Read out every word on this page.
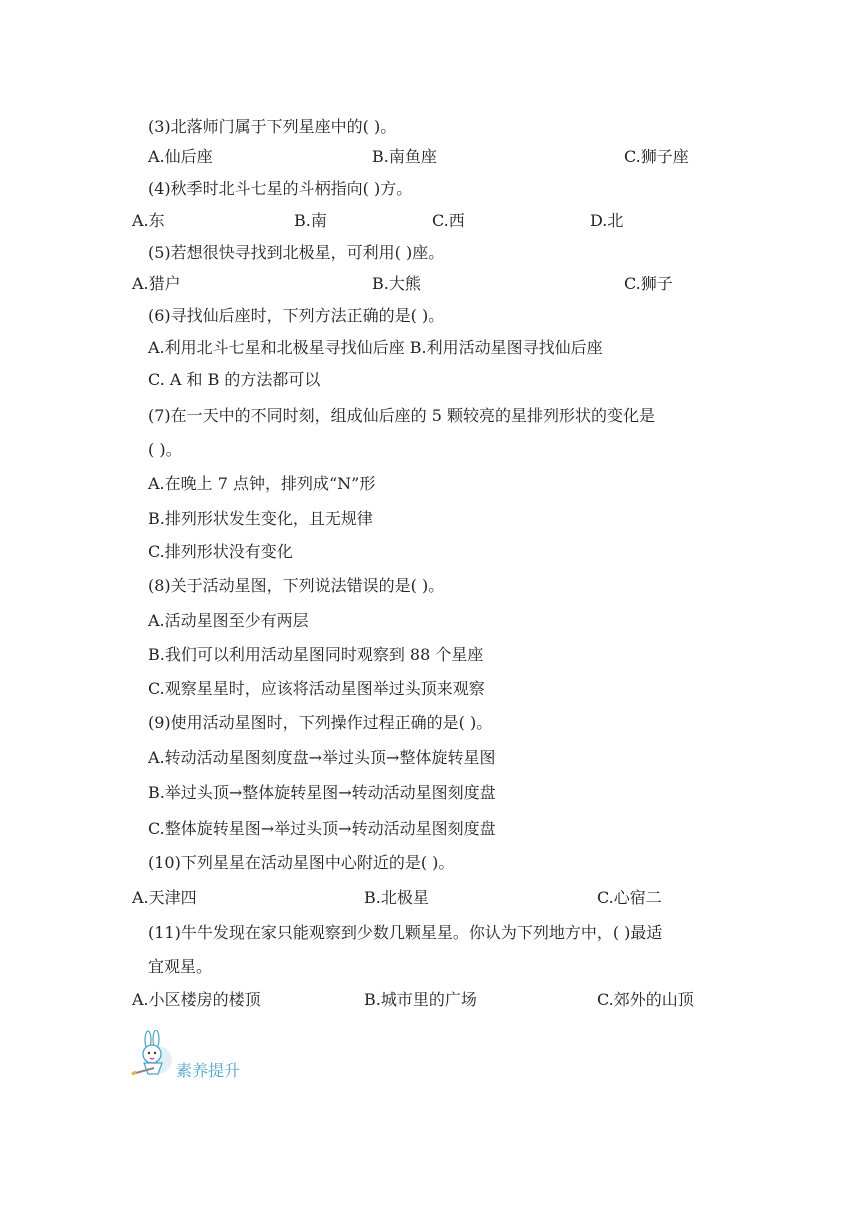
(3)北落师门属于下列星座中的( )。
A.仙后座	B.南鱼座	C.狮子座
(4)秋季时北斗七星的斗柄指向( )方。
A.东	B.南	C.西	D.北
(5)若想很快寻找到北极星，可利用( )座。
A.猎户	B.大熊	C.狮子
(6)寻找仙后座时，下列方法正确的是( )。
A.利用北斗七星和北极星寻找仙后座 B.利用活动星图寻找仙后座
C. A 和 B 的方法都可以
(7)在一天中的不同时刻，组成仙后座的 5 颗较亮的星排列形状的变化是
( )。
A.在晚上 7 点钟，排列成“N”形
B.排列形状发生变化，且无规律
C.排列形状没有变化
(8)关于活动星图，下列说法错误的是( )。
A.活动星图至少有两层
B.我们可以利用活动星图同时观察到 88 个星座
C.观察星星时，应该将活动星图举过头顶来观察
(9)使用活动星图时，下列操作过程正确的是( )。
A.转动活动星图刻度盘→举过头顶→整体旋转星图
B.举过头顶→整体旋转星图→转动活动星图刻度盘
C.整体旋转星图→举过头顶→转动活动星图刻度盘
(10)下列星星在活动星图中心附近的是( )。
A.天津四	B.北极星	C.心宿二
(11)牛牛发现在家只能观察到少数几颗星星。你认为下列地方中，( )最适
宜观星。
A.小区楼房的楼顶	B.城市里的广场	C.郊外的山顶
素养提升
